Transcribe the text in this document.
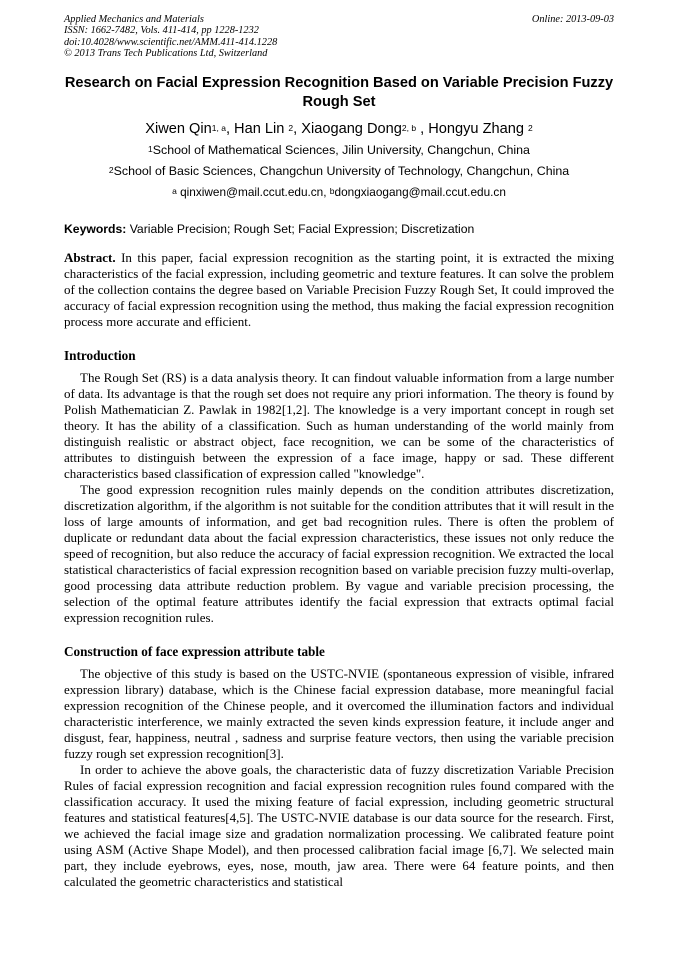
Applied Mechanics and Materials
ISSN: 1662-7482, Vols. 411-414, pp 1228-1232
doi:10.4028/www.scientific.net/AMM.411-414.1228
© 2013 Trans Tech Publications Ltd, Switzerland
Online: 2013-09-03
Research on Facial Expression Recognition Based on Variable Precision Fuzzy Rough Set
Xiwen Qin$^{1, a}$, Han Lin $^2$, Xiaogang Dong$^{2, b}$ , Hongyu Zhang $^2$
$^1$School of Mathematical Sciences, Jilin University, Changchun, China
$^2$School of Basic Sciences, Changchun University of Technology, Changchun, China
$^a$ qinxiwen@mail.ccut.edu.cn, $^b$dongxiaogang@mail.ccut.edu.cn
Keywords: Variable Precision; Rough Set; Facial Expression; Discretization
Abstract. In this paper, facial expression recognition as the starting point, it is extracted the mixing characteristics of the facial expression, including geometric and texture features. It can solve the problem of the collection contains the degree based on Variable Precision Fuzzy Rough Set, It could improved the accuracy of facial expression recognition using the method, thus making the facial expression recognition process more accurate and efficient.
Introduction

The Rough Set (RS) is a data analysis theory. It can findout valuable information from a large number of data. Its advantage is that the rough set does not require any priori information. The theory is found by Polish Mathematician Z. Pawlak in 1982[1,2]. The knowledge is a very important concept in rough set theory. It has the ability of a classification. Such as human understanding of the world mainly from distinguish realistic or abstract object, face recognition, we can be some of the characteristics of attributes to distinguish between the expression of a face image, happy or sad. These different characteristics based classification of expression called "knowledge".

The good expression recognition rules mainly depends on the condition attributes discretization, discretization algorithm, if the algorithm is not suitable for the condition attributes that it will result in the loss of large amounts of information, and get bad recognition rules. There is often the problem of duplicate or redundant data about the facial expression characteristics, these issues not only reduce the speed of recognition, but also reduce the accuracy of facial expression recognition. We extracted the local statistical characteristics of facial expression recognition based on variable precision fuzzy multi-overlap, good processing data attribute reduction problem. By vague and variable precision processing, the selection of the optimal feature attributes identify the facial expression that extracts optimal facial expression recognition rules.

Construction of face expression attribute table

The objective of this study is based on the USTC-NVIE (spontaneous expression of visible, infrared expression library) database, which is the Chinese facial expression database, more meaningful facial expression recognition of the Chinese people, and it overcomed the illumination factors and individual characteristic interference, we mainly extracted the seven kinds expression feature, it include anger and disgust, fear, happiness, neutral , sadness and surprise feature vectors, then using the variable precision fuzzy rough set expression recognition[3].

In order to achieve the above goals, the characteristic data of fuzzy discretization Variable Precision Rules of facial expression recognition and facial expression recognition rules found compared with the classification accuracy. It used the mixing feature of facial expression, including geometric structural features and statistical features[4,5]. The USTC-NVIE database is our data source for the research. First, we achieved the facial image size and gradation normalization processing. We calibrated feature point using ASM (Active Shape Model), and then processed calibration facial image [6,7]. We selected main part, they include eyebrows, eyes, nose, mouth, jaw area. There were 64 feature points, and then calculated the geometric characteristics and statistical
